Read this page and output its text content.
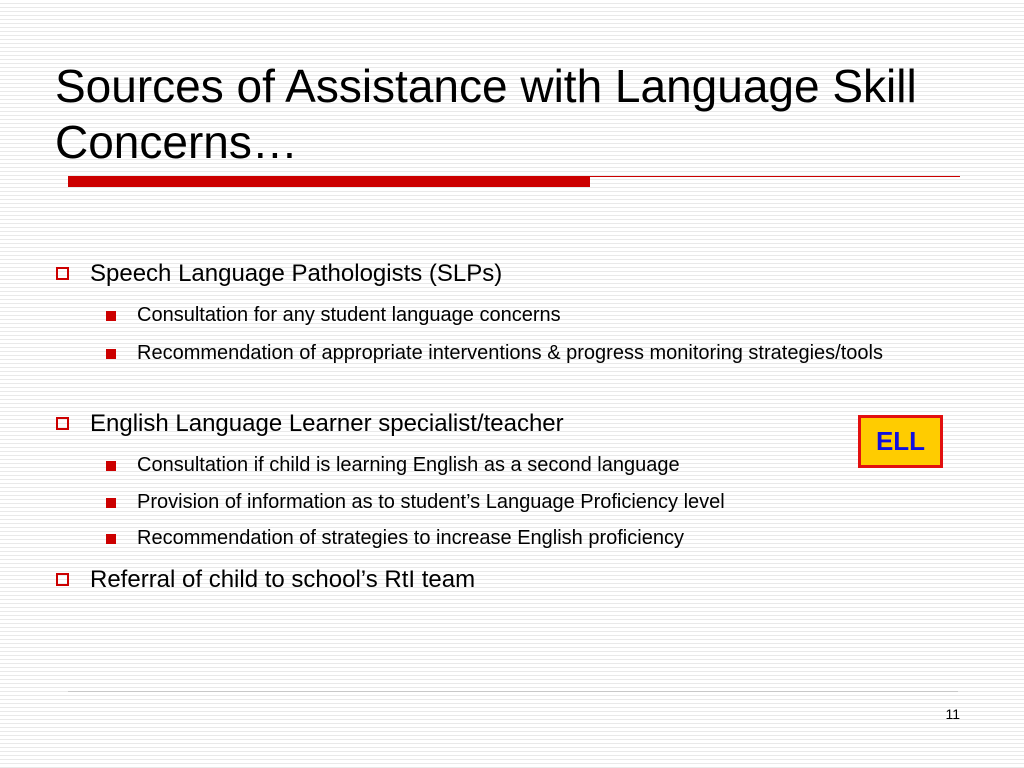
Sources of Assistance with Language Skill Concerns…
Speech Language Pathologists (SLPs)
Consultation for any student language concerns
Recommendation of appropriate interventions & progress monitoring strategies/tools
English Language Learner specialist/teacher
Consultation if child is learning English as a second language
Provision of information as to student’s Language Proficiency level
Recommendation of strategies to increase English proficiency
Referral of child to school’s RtI team
ELL
11
